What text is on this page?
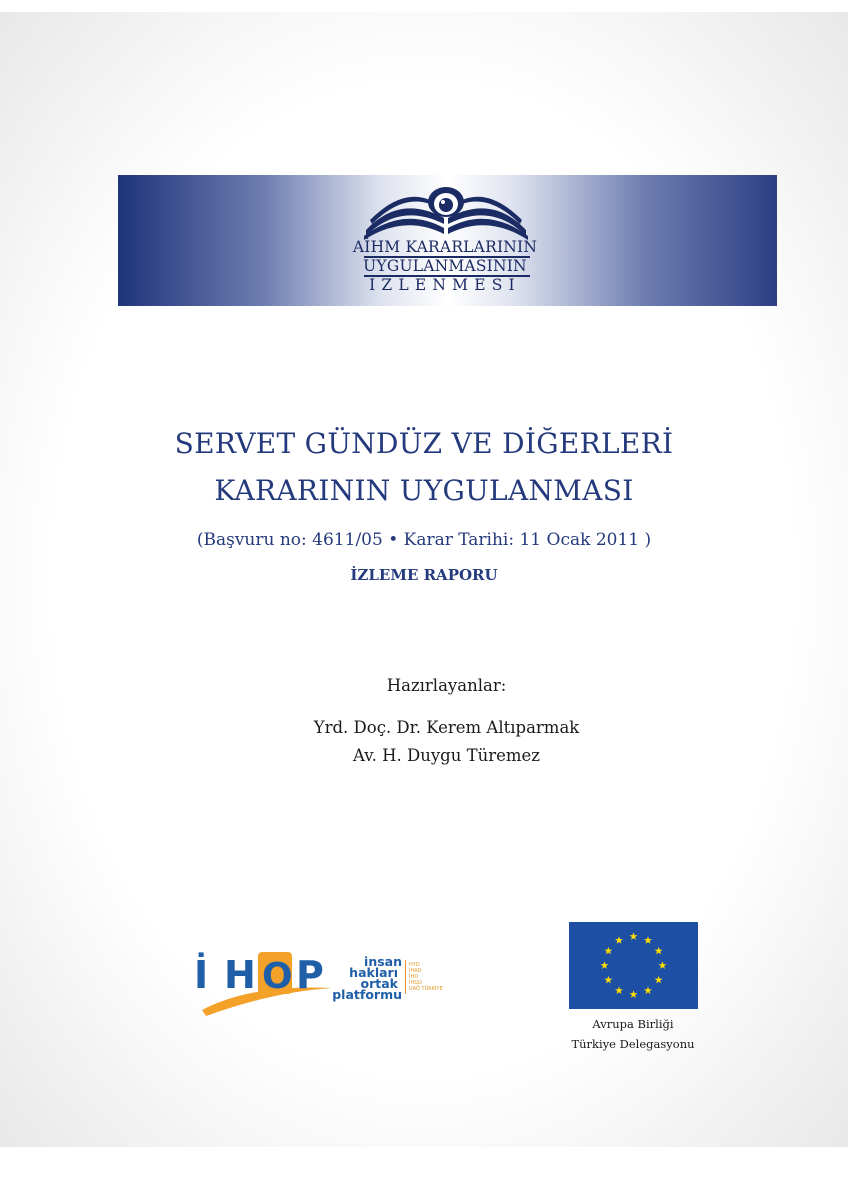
AİHM KARARLARININ
UYGULANMASININ
İZLENMESİ
SERVET GÜNDÜZ VE DİĞERLERİ
KARARININ UYGULANMASI
(Başvuru no: 4611/05 • Karar Tarihi: 11 Ocak 2011 )
İZLEME RAPORU
Hazırlayanlar:
Yrd. Doç. Dr. Kerem Altıparmak
Av. H. Duygu Türemez
İ H O P	insan
hakları
ortak
platformu
HYD
İHAD
İHD
İHGD
UAÖ TÜRKİYE
Avrupa Birliği
Türkiye Delegasyonu
